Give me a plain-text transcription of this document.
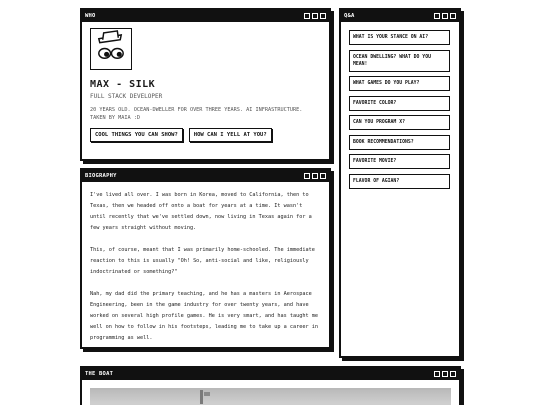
WHO
MAX - SILK
FULL STACK DEVELOPER
20 YEARS OLD. OCEAN-DWELLER FOR OVER THREE YEARS. AI INFRASTRUCTURE. TAKEN BY MAIA :D
COOL THINGS YOU CAN SHOW?	HOW CAN I YELL AT YOU?
BIOGRAPHY

I've lived all over. I was born in Korea, moved to California, then to Texas, then we headed off onto a boat for years at a time. It wasn't until recently that we've settled down, now living in Texas again for a few years straight without moving.

This, of course, meant that I was primarily home-schooled. The immediate reaction to this is usually "Oh! So, anti-social and like, religiously indoctrinated or something?"

Nah, my dad did the primary teaching, and he has a masters in Aerospace Engineering, been in the game industry for over twenty years, and have worked on several high profile games. He is very smart, and has taught me well on how to follow in his footsteps, leading me to take up a career in programming as well.

Q&A
WHAT IS YOUR STANCE ON AI?
OCEAN DWELLING? WHAT DO YOU MEAN!
WHAT GAMES DO YOU PLAY?
FAVORITE COLOR?
CAN YOU PROGRAM X?
BOOK RECOMMENDATIONS?
FAVORITE MOVIE?
FLAVOR OF AGIAN?
THE BOAT
